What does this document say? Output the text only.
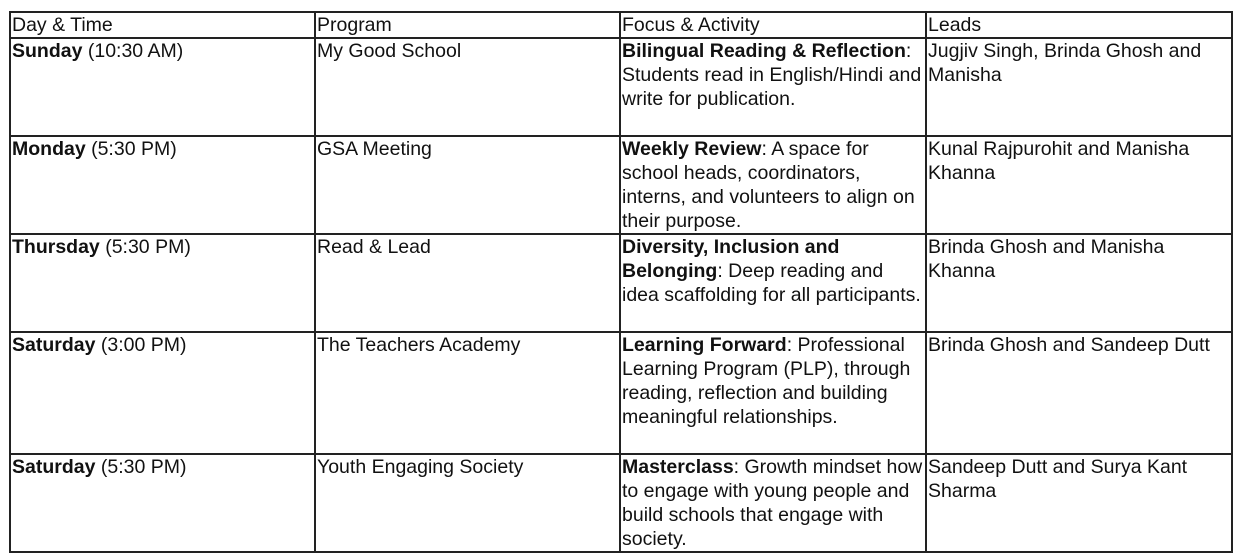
Day & Time	Program	Focus & Activity	Leads
Sunday (10:30 AM)	My Good School	Bilingual Reading & Reflection: Students read in English/Hindi and write for publication.	Jugjiv Singh, Brinda Ghosh and Manisha
Monday (5:30 PM)	GSA Meeting	Weekly Review: A space for school heads, coordinators, interns, and volunteers to align on their purpose.	Kunal Rajpurohit and Manisha Khanna
Thursday (5:30 PM)	Read & Lead	Diversity, Inclusion and Belonging: Deep reading and idea scaffolding for all participants.	Brinda Ghosh and Manisha Khanna
Saturday (3:00 PM)	The Teachers Academy	Learning Forward: Professional Learning Program (PLP), through reading, reflection and building meaningful relationships.	Brinda Ghosh and Sandeep Dutt
Saturday (5:30 PM)	Youth Engaging Society	Masterclass: Growth mindset how to engage with young people and build schools that engage with society.	Sandeep Dutt and Surya Kant Sharma
